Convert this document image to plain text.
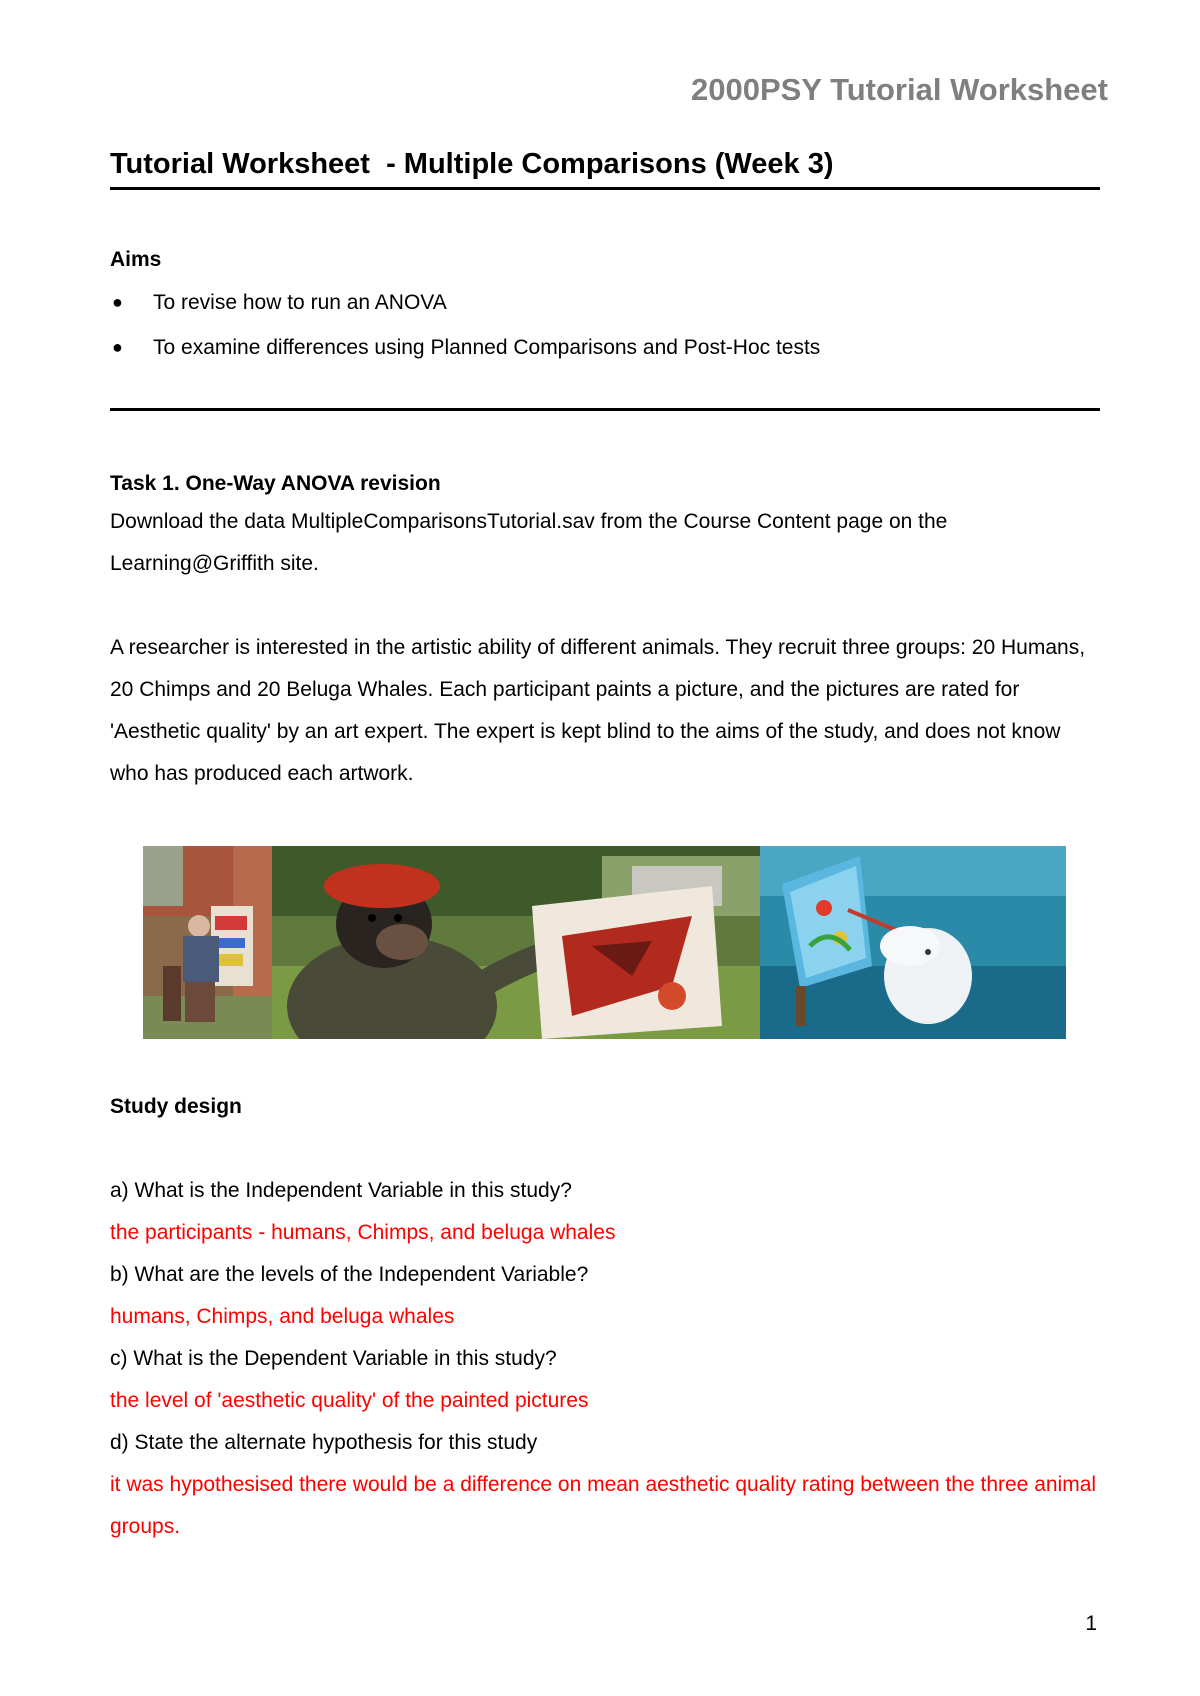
2000PSY Tutorial Worksheet
Tutorial Worksheet  - Multiple Comparisons (Week 3)
Aims
● To revise how to run an ANOVA
● To examine differences using Planned Comparisons and Post-Hoc tests
Task 1. One-Way ANOVA revision
Download the data MultipleComparisonsTutorial.sav from the Course Content page on the Learning@Griffith site.
A researcher is interested in the artistic ability of different animals. They recruit three groups: 20 Humans, 20 Chimps and 20 Beluga Whales. Each participant paints a picture, and the pictures are rated for 'Aesthetic quality' by an art expert. The expert is kept blind to the aims of the study, and does not know who has produced each artwork.
Study design
a) What is the Independent Variable in this study?
the participants - humans, Chimps, and beluga whales
b) What are the levels of the Independent Variable?
humans, Chimps, and beluga whales
c) What is the Dependent Variable in this study?
the level of 'aesthetic quality' of the painted pictures
d) State the alternate hypothesis for this study
it was hypothesised there would be a difference on mean aesthetic quality rating between the three animal groups.
1
